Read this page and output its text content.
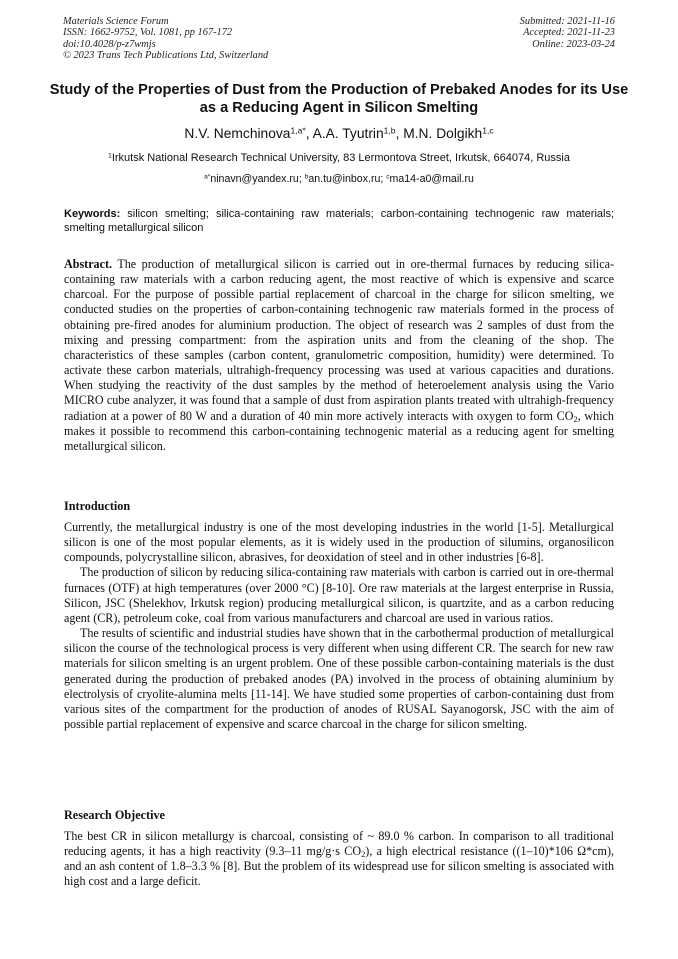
Materials Science Forum
ISSN: 1662-9752, Vol. 1081, pp 167-172
doi:10.4028/p-z7wmjs
© 2023 Trans Tech Publications Ltd, Switzerland
Submitted: 2021-11-16
Accepted: 2021-11-23
Online: 2023-03-24
Study of the Properties of Dust from the Production of Prebaked Anodes for its Use as a Reducing Agent in Silicon Smelting
N.V. Nemchinova$^{1,a*}$, A.A. Tyutrin$^{1,b}$, M.N. Dolgikh$^{1,c}$
$^1$Irkutsk National Research Technical University, 83 Lermontova Street, Irkutsk, 664074, Russia
$^{a*}$ninavn@yandex.ru; $^b$an.tu@inbox.ru; $^c$ma14-a0@mail.ru
Keywords: silicon smelting; silica-containing raw materials; carbon-containing technogenic raw materials; smelting metallurgical silicon

Abstract. The production of metallurgical silicon is carried out in ore-thermal furnaces by reducing silica-containing raw materials with a carbon reducing agent, the most reactive of which is expensive and scarce charcoal. For the purpose of possible partial replacement of charcoal in the charge for silicon smelting, we conducted studies on the properties of carbon-containing technogenic raw materials formed in the process of obtaining pre-fired anodes for aluminium production. The object of research was 2 samples of dust from the mixing and pressing compartment: from the aspiration units and from the cleaning of the shop. The characteristics of these samples (carbon content, granulometric composition, humidity) were determined. To activate these carbon materials, ultrahigh-frequency processing was used at various capacities and durations. When studying the reactivity of the dust samples by the method of heteroelement analysis using the Vario MICRO cube analyzer, it was found that a sample of dust from aspiration plants treated with ultrahigh-frequency radiation at a power of 80 W and a duration of 40 min more actively interacts with oxygen to form $CO_2$, which makes it possible to recommend this carbon-containing technogenic material as a reducing agent for smelting metallurgical silicon.

Introduction

Currently, the metallurgical industry is one of the most developing industries in the world [1-5]. Metallurgical silicon is one of the most popular elements, as it is widely used in the production of silumins, organosilicon compounds, polycrystalline silicon, abrasives, for deoxidation of steel and in other industries [6-8].

The production of silicon by reducing silica-containing raw materials with carbon is carried out in ore-thermal furnaces (OTF) at high temperatures (over 2000 °C) [8-10]. Ore raw materials at the largest enterprise in Russia, Silicon, JSC (Shelekhov, Irkutsk region) producing metallurgical silicon, is quartzite, and as a carbon reducing agent (CR), petroleum coke, coal from various manufacturers and charcoal are used in various ratios.

The results of scientific and industrial studies have shown that in the carbothermal production of metallurgical silicon the course of the technological process is very different when using different CR. The search for new raw materials for silicon smelting is an urgent problem. One of these possible carbon-containing materials is the dust generated during the production of prebaked anodes (PA) involved in the process of obtaining aluminium by electrolysis of cryolite-alumina melts [11-14]. We have studied some properties of carbon-containing dust from various sites of the compartment for the production of anodes of RUSAL Sayanogorsk, JSC with the aim of possible partial replacement of expensive and scarce charcoal in the charge for silicon smelting.

Research Objective

The best CR in silicon metallurgy is charcoal, consisting of ~ 89.0 % carbon. In comparison to all traditional reducing agents, it has a high reactivity (9.3–11 mg/g·s $CO_2$), a high electrical resistance ((1–10)*106 Ω*cm), and an ash content of 1.8–3.3 % [8]. But the problem of its widespread use for silicon smelting is associated with high cost and a large deficit.
